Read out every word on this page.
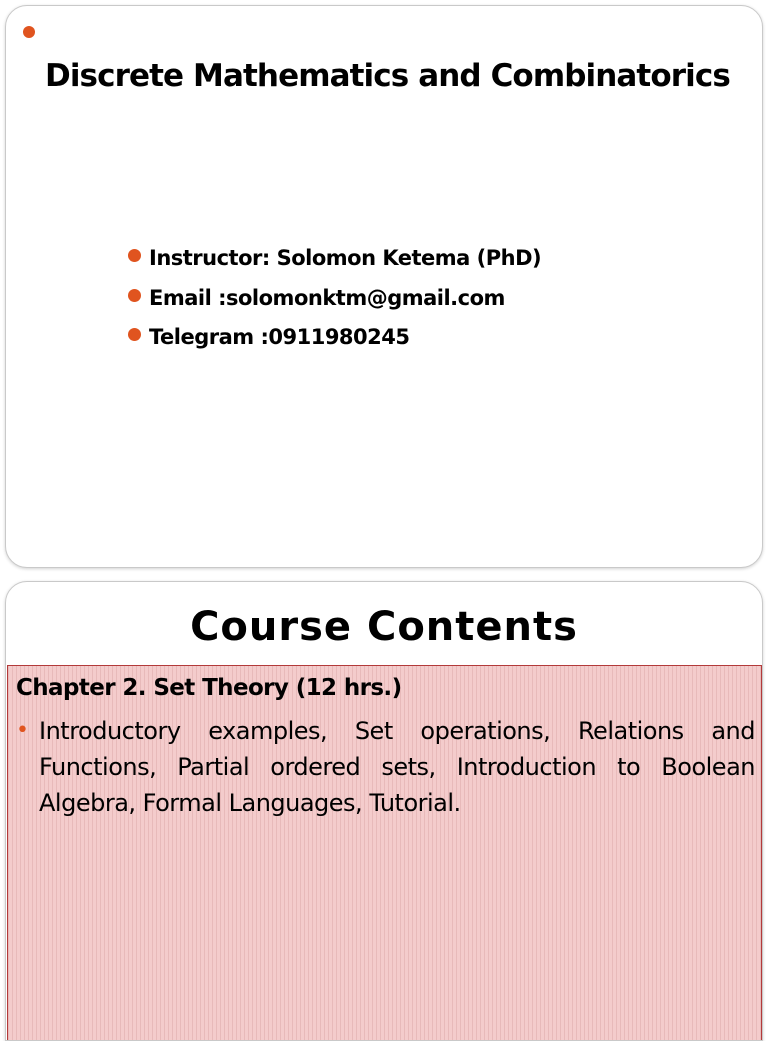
Discrete Mathematics and Combinatorics
Instructor: Solomon Ketema (PhD)
Email :solomonktm@gmail.com
Telegram :0911980245
Course Contents

Chapter 2. Set Theory (12 hrs.)

• Introductory examples, Set operations, Relations and Functions, Partial ordered sets, Introduction to Boolean Algebra, Formal Languages, Tutorial.
